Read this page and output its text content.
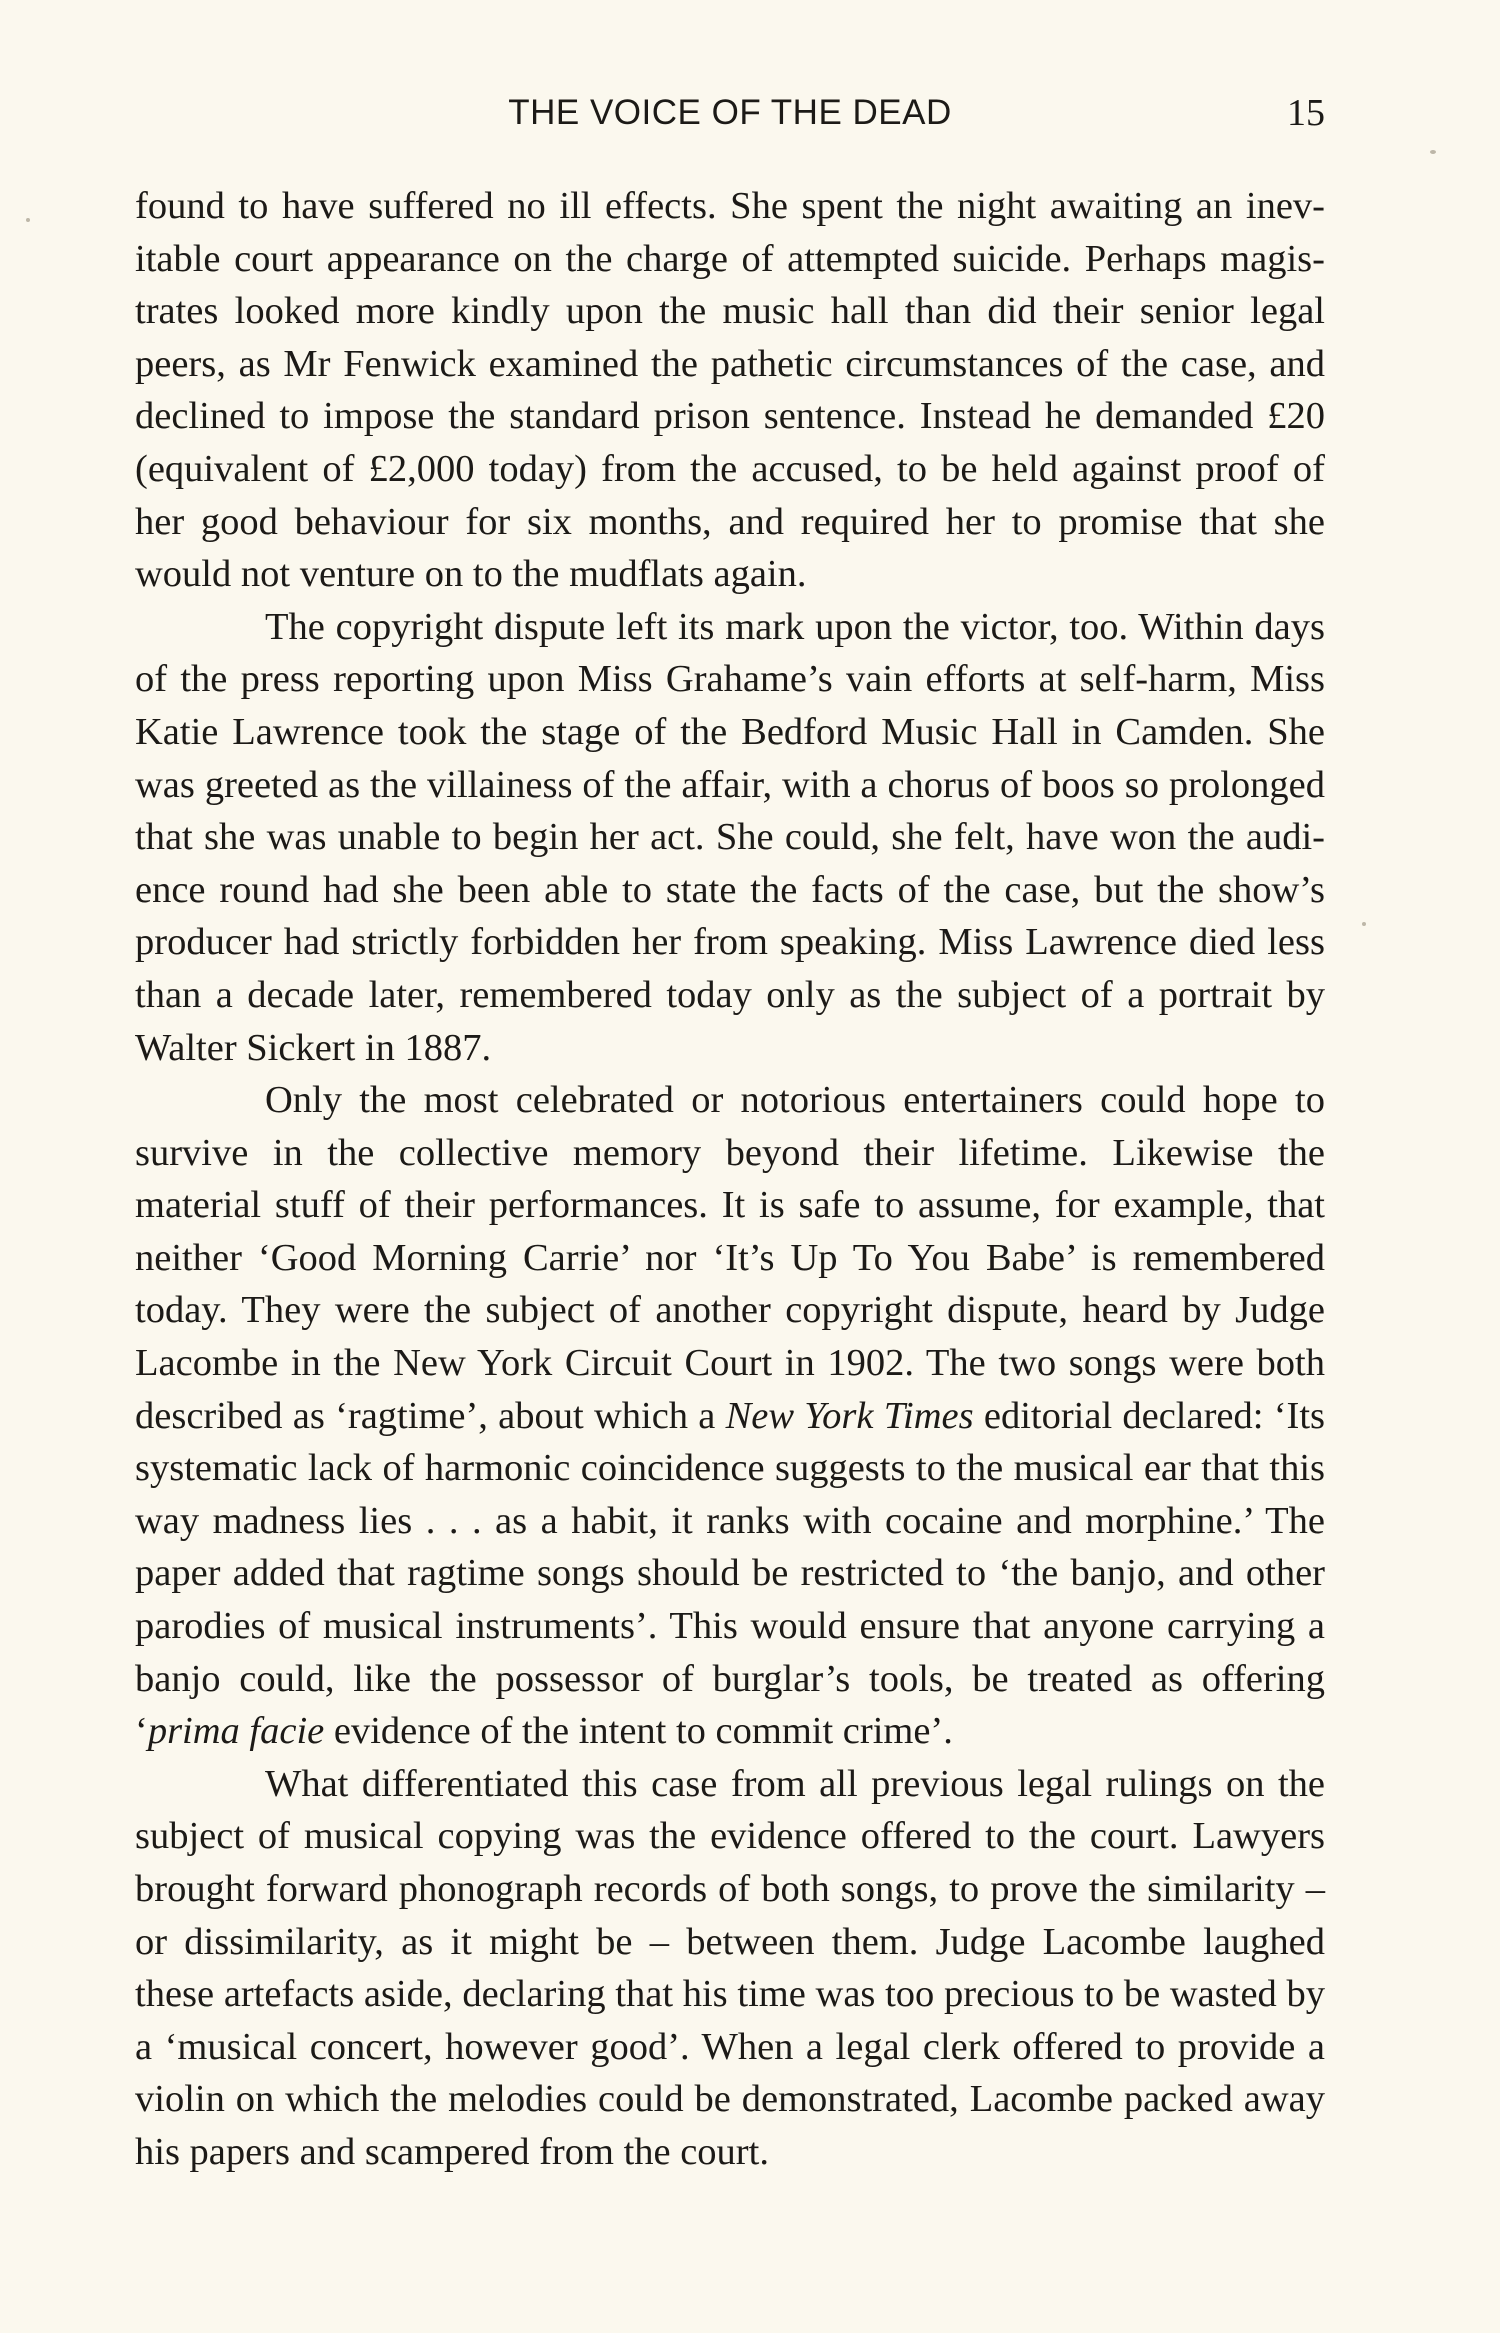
THE VOICE OF THE DEAD	15

found to have suffered no ill effects. She spent the night awaiting an inevitable court appearance on the charge of attempted suicide. Perhaps magistrates looked more kindly upon the music hall than did their senior legal peers, as Mr Fenwick examined the pathetic circumstances of the case, and declined to impose the standard prison sentence. Instead he demanded £20 (equivalent of £2,000 today) from the accused, to be held against proof of her good behaviour for six months, and required her to promise that she would not venture on to the mudflats again.

The copyright dispute left its mark upon the victor, too. Within days of the press reporting upon Miss Grahame’s vain efforts at self-harm, Miss Katie Lawrence took the stage of the Bedford Music Hall in Camden. She was greeted as the villainess of the affair, with a chorus of boos so prolonged that she was unable to begin her act. She could, she felt, have won the audience round had she been able to state the facts of the case, but the show’s producer had strictly forbidden her from speaking. Miss Lawrence died less than a decade later, remembered today only as the subject of a portrait by Walter Sickert in 1887.

Only the most celebrated or notorious entertainers could hope to survive in the collective memory beyond their lifetime. Likewise the material stuff of their performances. It is safe to assume, for example, that neither ‘Good Morning Carrie’ nor ‘It’s Up To You Babe’ is remembered today. They were the subject of another copyright dispute, heard by Judge Lacombe in the New York Circuit Court in 1902. The two songs were both described as ‘ragtime’, about which a New York Times editorial declared: ‘Its systematic lack of harmonic coincidence suggests to the musical ear that this way madness lies . . . as a habit, it ranks with cocaine and morphine.’ The paper added that ragtime songs should be restricted to ‘the banjo, and other parodies of musical instruments’. This would ensure that anyone carrying a banjo could, like the possessor of burglar’s tools, be treated as offering ‘prima facie evidence of the intent to commit crime’.

What differentiated this case from all previous legal rulings on the subject of musical copying was the evidence offered to the court. Lawyers brought forward phonograph records of both songs, to prove the similarity – or dissimilarity, as it might be – between them. Judge Lacombe laughed these artefacts aside, declaring that his time was too precious to be wasted by a ‘musical concert, however good’. When a legal clerk offered to provide a violin on which the melodies could be demonstrated, Lacombe packed away his papers and scampered from the court.
